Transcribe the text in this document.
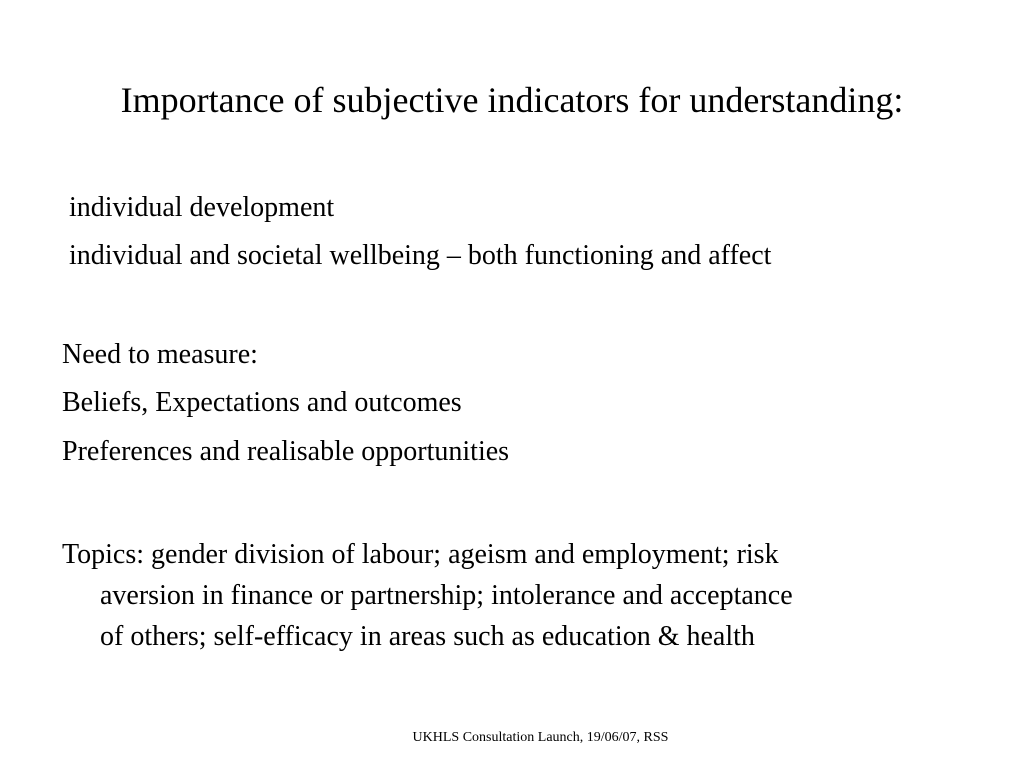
Importance of subjective indicators for understanding:
individual development
individual and societal wellbeing – both functioning and affect
Need to measure:
Beliefs, Expectations and outcomes
Preferences and realisable opportunities
Topics: gender division of labour; ageism and employment; risk
aversion in finance or partnership; intolerance and acceptance
of others; self-efficacy in areas such as education & health
UKHLS Consultation Launch, 19/06/07, RSS
